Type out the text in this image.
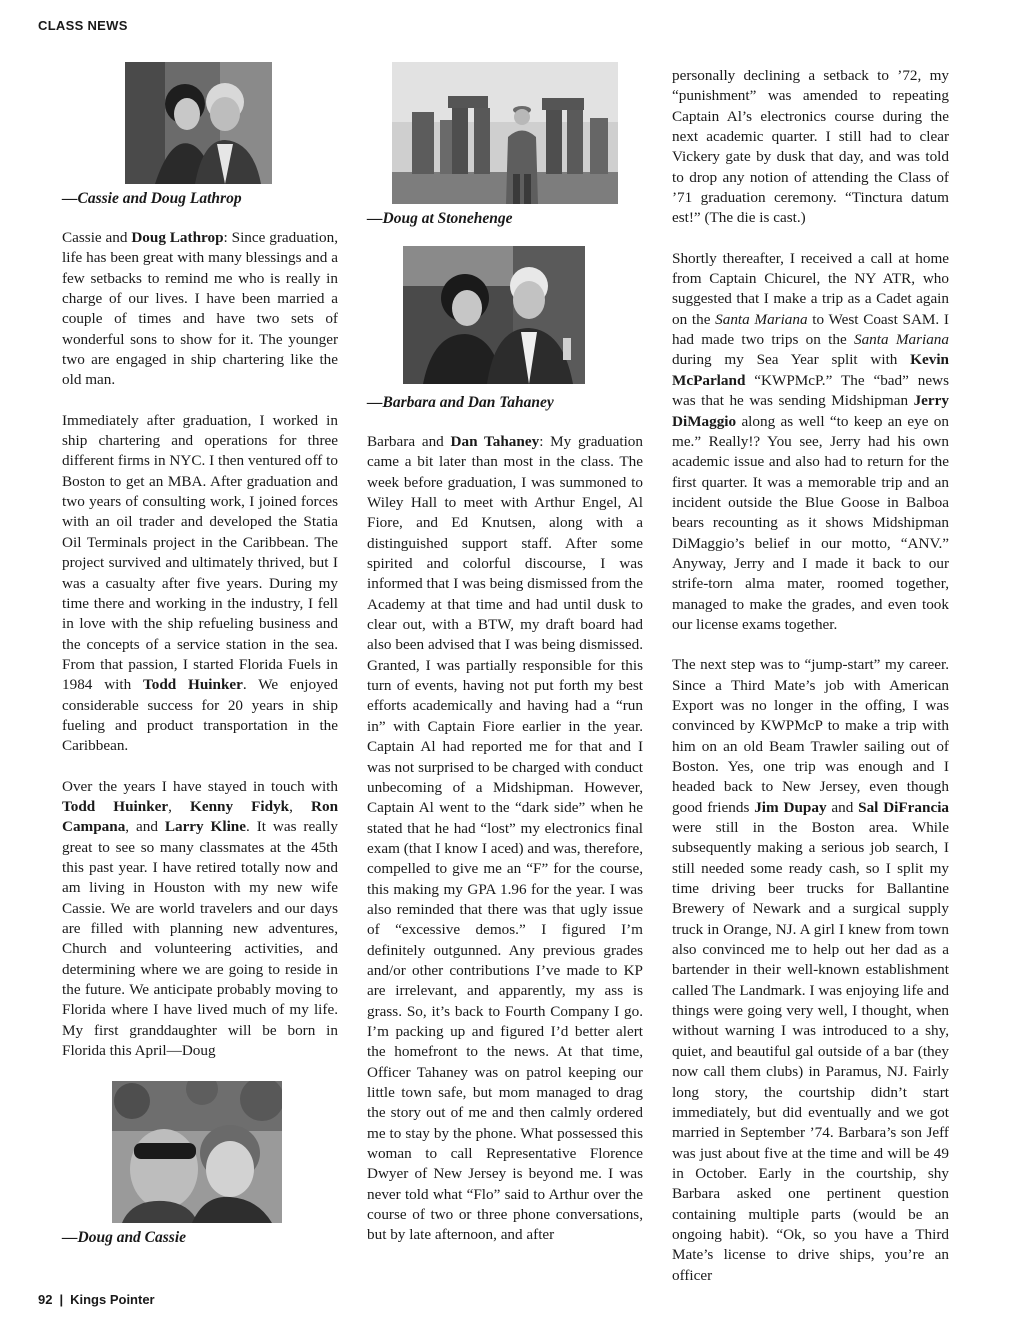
CLASS NEWS
—Cassie and Doug Lathrop
—Doug at Stonehenge
—Barbara and Dan Tahaney
—Doug and Cassie

Cassie and Doug Lathrop: Since graduation, life has been great with many blessings and a few setbacks to remind me who is really in charge of our lives. I have been married a couple of times and have two sets of wonderful sons to show for it. The younger two are engaged in ship chartering like the old man.

Immediately after graduation, I worked in ship chartering and operations for three different firms in NYC. I then ventured off to Boston to get an MBA. After graduation and two years of consulting work, I joined forces with an oil trader and developed the Statia Oil Terminals project in the Caribbean. The project survived and ultimately thrived, but I was a casualty after five years. During my time there and working in the industry, I fell in love with the ship refueling business and the concepts of a service station in the sea. From that passion, I started Florida Fuels in 1984 with Todd Huinker. We enjoyed considerable success for 20 years in ship fueling and product transportation in the Caribbean.

Over the years I have stayed in touch with Todd Huinker, Kenny Fidyk, Ron Campana, and Larry Kline. It was really great to see so many classmates at the 45th this past year. I have retired totally now and am living in Houston with my new wife Cassie. We are world travelers and our days are filled with planning new adventures, Church and volunteering activities, and determining where we are going to reside in the future. We anticipate probably moving to Florida where I have lived much of my life. My first granddaughter will be born in Florida this April—Doug

Barbara and Dan Tahaney: My graduation came a bit later than most in the class. The week before graduation, I was summoned to Wiley Hall to meet with Arthur Engel, Al Fiore, and Ed Knutsen, along with a distinguished support staff. After some spirited and colorful discourse, I was informed that I was being dismissed from the Academy at that time and had until dusk to clear out, with a BTW, my draft board had also been advised that I was being dismissed. Granted, I was partially responsible for this turn of events, having not put forth my best efforts academically and having had a “run in” with Captain Fiore earlier in the year. Captain Al had reported me for that and I was not surprised to be charged with conduct unbecoming of a Midshipman. However, Captain Al went to the “dark side” when he stated that he had “lost” my electronics final exam (that I know I aced) and was, therefore, compelled to give me an “F” for the course, this making my GPA 1.96 for the year. I was also reminded that there was that ugly issue of “excessive demos.” I figured I’m definitely outgunned. Any previous grades and/or other contributions I’ve made to KP are irrelevant, and apparently, my ass is grass. So, it’s back to Fourth Company I go. I’m packing up and figured I’d better alert the homefront to the news. At that time, Officer Tahaney was on patrol keeping our little town safe, but mom managed to drag the story out of me and then calmly ordered me to stay by the phone. What possessed this woman to call Representative Florence Dwyer of New Jersey is beyond me. I was never told what “Flo” said to Arthur over the course of two or three phone conversations, but by late afternoon, and after

personally declining a setback to ’72, my “punishment” was amended to repeating Captain Al’s electronics course during the next academic quarter. I still had to clear Vickery gate by dusk that day, and was told to drop any notion of attending the Class of ’71 graduation ceremony. “Tinctura datum est!” (The die is cast.)

Shortly thereafter, I received a call at home from Captain Chicurel, the NY ATR, who suggested that I make a trip as a Cadet again on the Santa Mariana to West Coast SAM. I had made two trips on the Santa Mariana during my Sea Year split with Kevin McParland “KWPMcP.” The “bad” news was that he was sending Midshipman Jerry DiMaggio along as well “to keep an eye on me.” Really!? You see, Jerry had his own academic issue and also had to return for the first quarter. It was a memorable trip and an incident outside the Blue Goose in Balboa bears recounting as it shows Midshipman DiMaggio’s belief in our motto, “ANV.” Anyway, Jerry and I made it back to our strife-torn alma mater, roomed together, managed to make the grades, and even took our license exams together.

The next step was to “jump-start” my career. Since a Third Mate’s job with American Export was no longer in the offing, I was convinced by KWPMcP to make a trip with him on an old Beam Trawler sailing out of Boston. Yes, one trip was enough and I headed back to New Jersey, even though good friends Jim Dupay and Sal DiFrancia were still in the Boston area. While subsequently making a serious job search, I still needed some ready cash, so I split my time driving beer trucks for Ballantine Brewery of Newark and a surgical supply truck in Orange, NJ. A girl I knew from town also convinced me to help out her dad as a bartender in their well-known establishment called The Landmark. I was enjoying life and things were going very well, I thought, when without warning I was introduced to a shy, quiet, and beautiful gal outside of a bar (they now call them clubs) in Paramus, NJ. Fairly long story, the courtship didn’t start immediately, but did eventually and we got married in September ’74. Barbara’s son Jeff was just about five at the time and will be 49 in October. Early in the courtship, shy Barbara asked one pertinent question containing multiple parts (would be an ongoing habit). “Ok, so you have a Third Mate’s license to drive ships, you’re an officer

92 | Kings Pointer
